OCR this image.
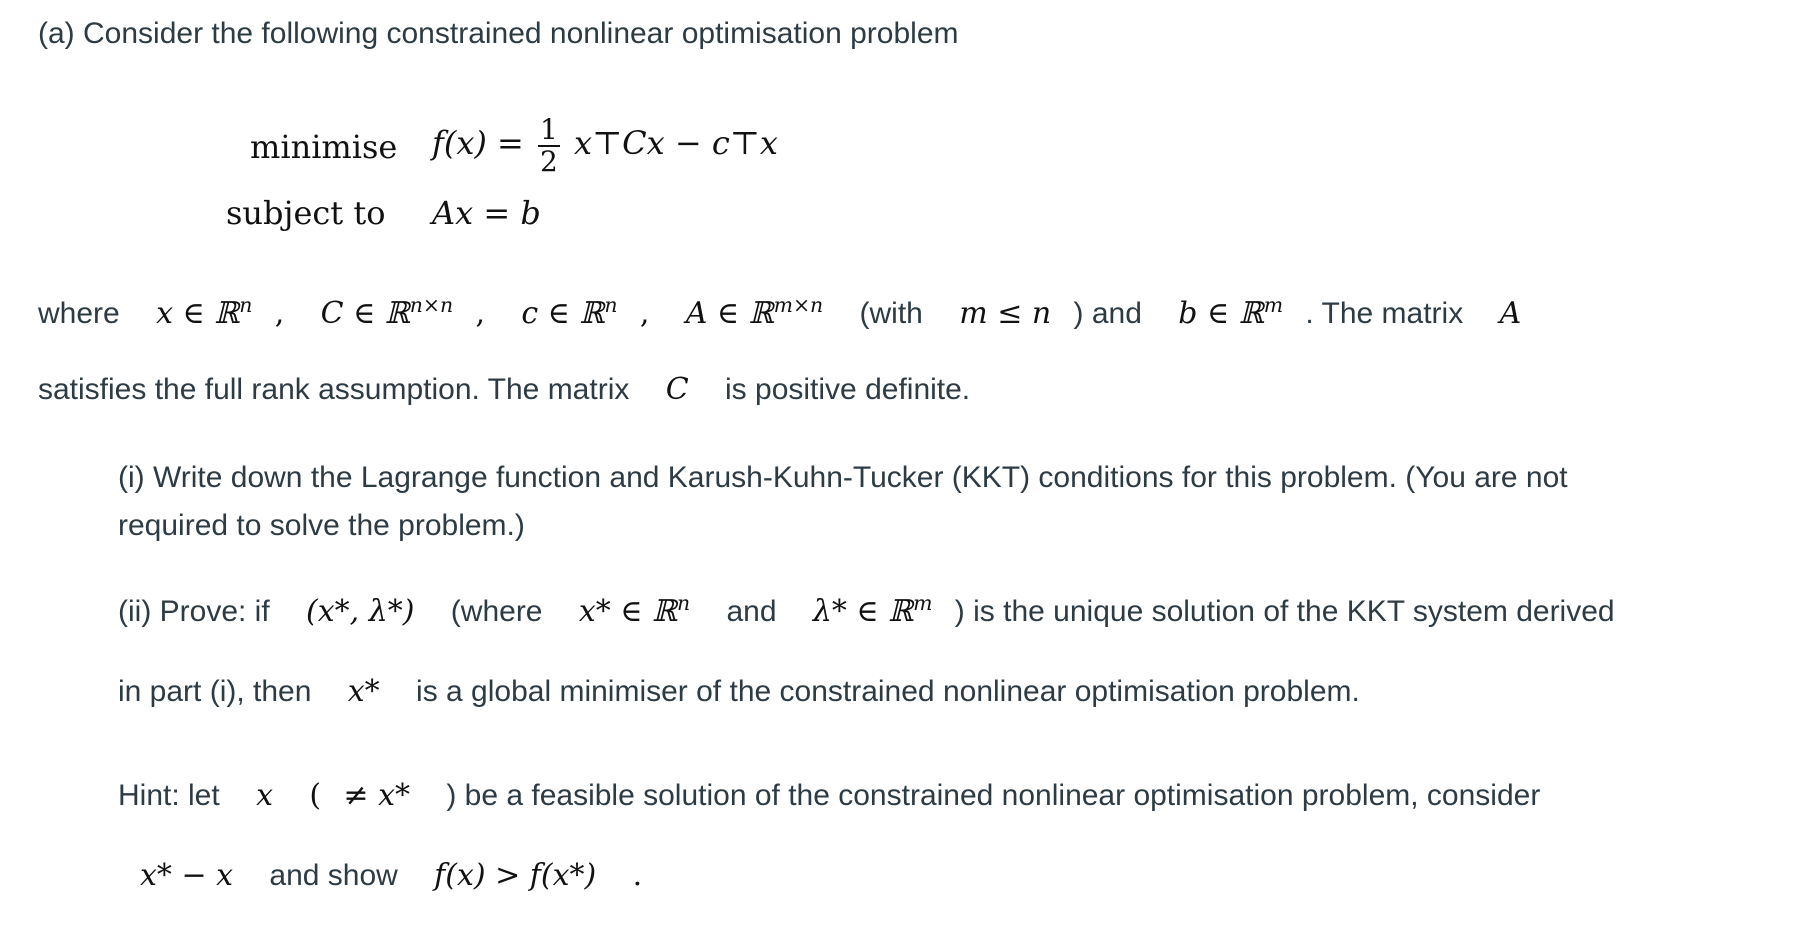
(a) Consider the following constrained nonlinear optimisation problem
minimise $f(x) = \frac{1}{2}$ x⊤Cx − c⊤x
subject to Ax = b
where x ∈ ℝ$^n$ , C ∈ ℝ$^{n\times n}$ , c ∈ ℝ$^n$ , A ∈ ℝ$^{m\times n}$ (with m ≤ n ) and b ∈ ℝ$^m$ . The matrix A
satisfies the full rank assumption. The matrix C is positive definite.
(i) Write down the Lagrange function and Karush-Kuhn-Tucker (KKT) conditions for this problem. (You are not
required to solve the problem.)
(ii) Prove: if (x*, λ*) (where x* ∈ ℝ$^n$ and λ* ∈ ℝ$^m$ ) is the unique solution of the KKT system derived
in part (i), then x* is a global minimiser of the constrained nonlinear optimisation problem.
Hint: let x ( ≠ x* ) be a feasible solution of the constrained nonlinear optimisation problem, consider
x* − x and show f(x) > f(x*) .
